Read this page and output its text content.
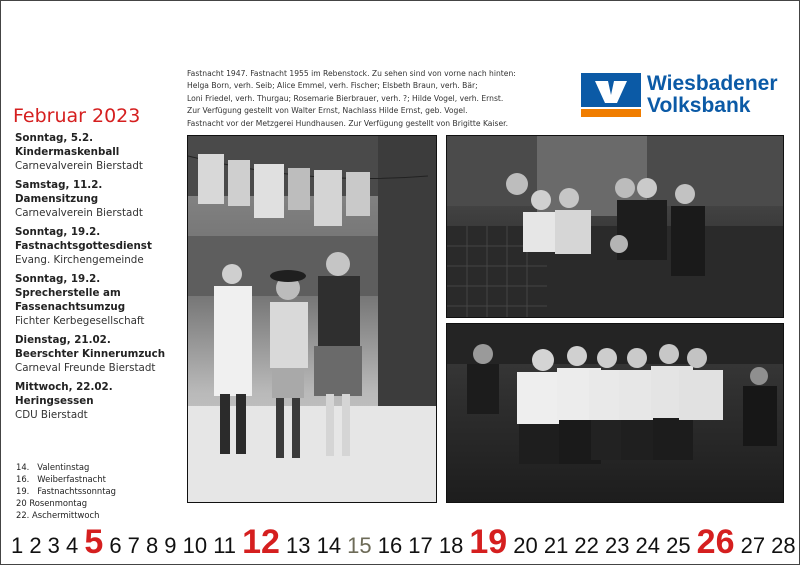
Fastnacht 1947. Fastnacht 1955 im Rebenstock. Zu sehen sind von vorne nach hinten:
Helga Born, verh. Seib; Alice Emmel, verh. Fischer; Elsbeth Braun, verh. Bär;
Loni Friedel, verh. Thurgau; Rosemarie Bierbrauer, verh. ?; Hilde Vogel, verh. Ernst.
Zur Verfügung gestellt von Walter Ernst, Nachlass Hilde Ernst, geb. Vogel.
Fastnacht vor der Metzgerei Hundhausen. Zur Verfügung gestellt von Brigitte Kaiser.
Wiesbadener
Volksbank
Februar 2023
Sonntag, 5.2.
Kindermaskenball
Carnevalverein Bierstadt
Samstag, 11.2.
Damensitzung
Carnevalverein Bierstadt
Sonntag, 19.2.
Fastnachtsgottesdienst
Evang. Kirchengemeinde
Sonntag, 19.2.
Sprecherstelle am Fassenachtsumzug
Fichter Kerbegesellschaft
Dienstag, 21.02.
Beerschter Kinnerumzuch
Carneval Freunde Bierstadt
Mittwoch, 22.02.
Heringsessen
CDU Bierstadt
14.   Valentinstag
16.   Weiberfastnacht
19.   Fastnachtssonntag
20 Rosenmontag
22. Aschermittwoch
1 2 3 4 5 6 7 8 9 10 11 12 13 14 15 16 17 18 19 20 21 22 23 24 25 26 27 28
